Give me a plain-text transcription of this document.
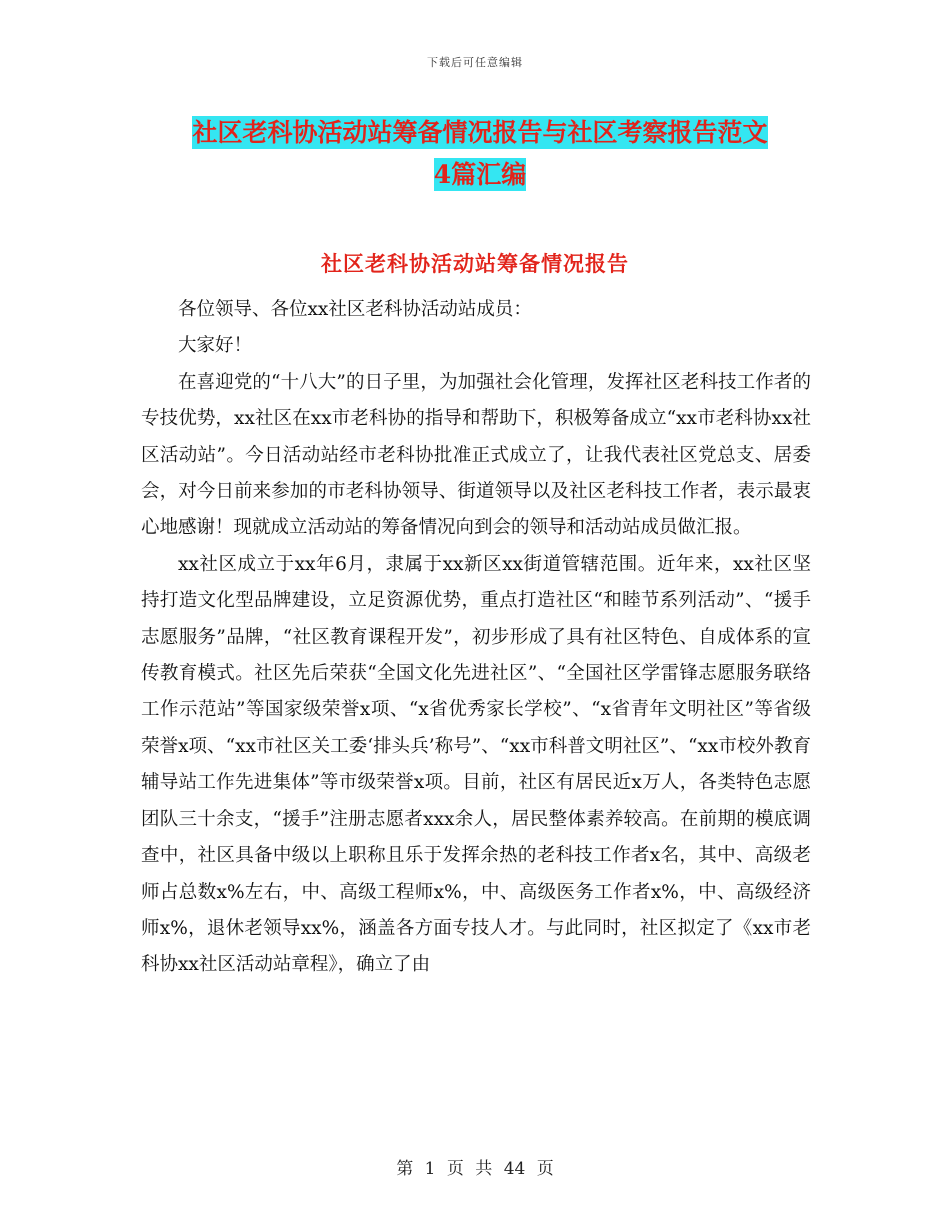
下载后可任意编辑
社区老科协活动站筹备情况报告与社区考察报告范文
4篇汇编
社区老科协活动站筹备情况报告

各位领导、各位xx社区老科协活动站成员：

大家好！

在喜迎党的“十八大”的日子里，为加强社会化管理，发挥社区老科技工作者的专技优势，xx社区在xx市老科协的指导和帮助下，积极筹备成立“xx市老科协xx社区活动站”。今日活动站经市老科协批准正式成立了，让我代表社区党总支、居委会，对今日前来参加的市老科协领导、街道领导以及社区老科技工作者，表示最衷心地感谢！现就成立活动站的筹备情况向到会的领导和活动站成员做汇报。

xx社区成立于xx年6月，隶属于xx新区xx街道管辖范围。近年来，xx社区坚持打造文化型品牌建设，立足资源优势，重点打造社区“和睦节系列活动”、“援手志愿服务”品牌，“社区教育课程开发”，初步形成了具有社区特色、自成体系的宣传教育模式。社区先后荣获“全国文化先进社区”、“全国社区学雷锋志愿服务联络工作示范站”等国家级荣誉x项、“x省优秀家长学校”、“x省青年文明社区”等省级荣誉x项、“xx市社区关工委‘排头兵’称号”、“xx市科普文明社区”、“xx市校外教育辅导站工作先进集体”等市级荣誉x项。目前，社区有居民近x万人，各类特色志愿团队三十余支，“援手”注册志愿者xxx余人，居民整体素养较高。在前期的模底调查中，社区具备中级以上职称且乐于发挥余热的老科技工作者x名，其中、高级老师占总数x%左右，中、高级工程师x%，中、高级医务工作者x%，中、高级经济师x%，退休老领导xx%，涵盖各方面专技人才。与此同时，社区拟定了《xx市老科协xx社区活动站章程》，确立了由

第 1 页 共 44 页
